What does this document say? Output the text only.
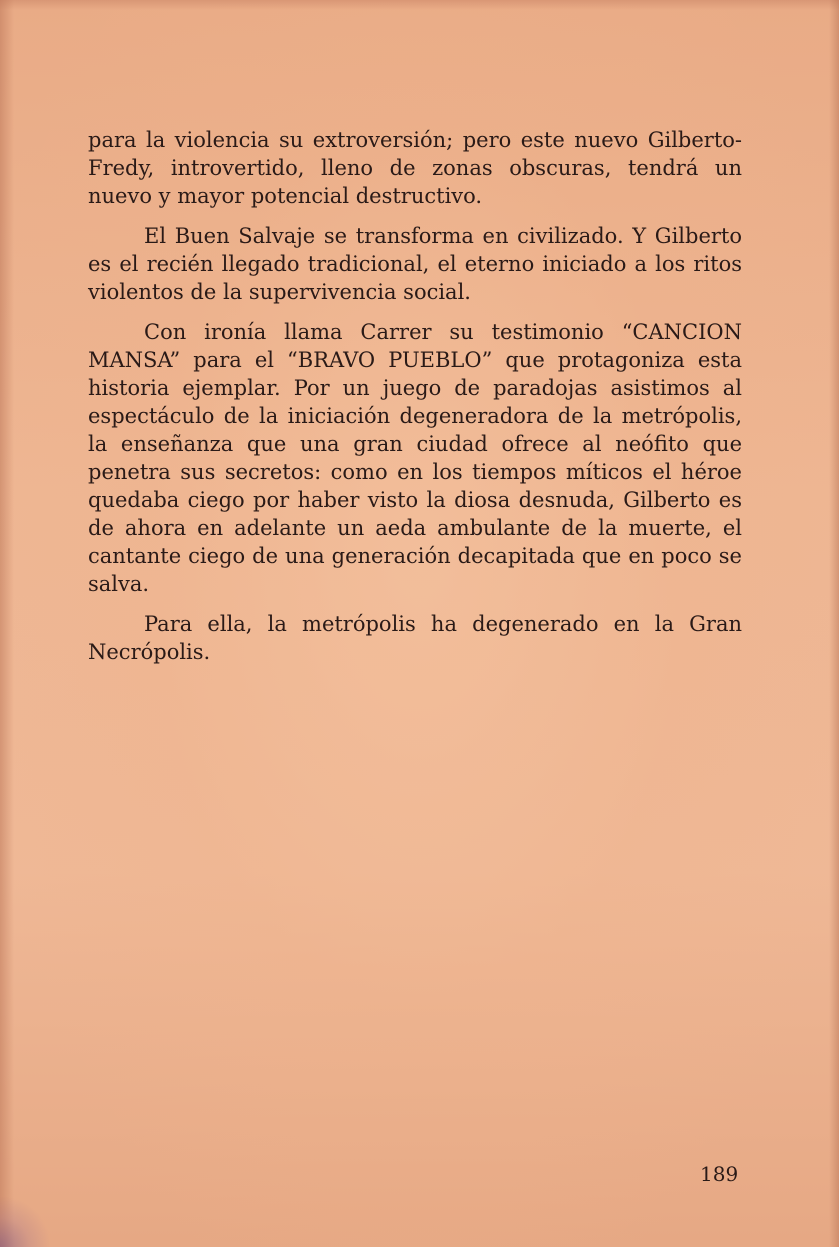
para la violencia su extroversión; pero este nuevo Gilberto-Fredy, introvertido, lleno de zonas obscuras, tendrá un nuevo y mayor potencial destructivo.

El Buen Salvaje se transforma en civilizado. Y Gilberto es el recién llegado tradicional, el eterno iniciado a los ritos violentos de la supervivencia social.

Con ironía llama Carrer su testimonio “CANCION MANSA” para el “BRAVO PUEBLO” que protagoniza esta historia ejemplar. Por un juego de paradojas asistimos al espectáculo de la iniciación degeneradora de la metrópolis, la enseñanza que una gran ciudad ofrece al neófito que penetra sus secretos: como en los tiempos míticos el héroe quedaba ciego por haber visto la diosa desnuda, Gilberto es de ahora en adelante un aeda ambulante de la muerte, el cantante ciego de una generación decapitada que en poco se salva.

Para ella, la metrópolis ha degenerado en la Gran Necrópolis.

189
